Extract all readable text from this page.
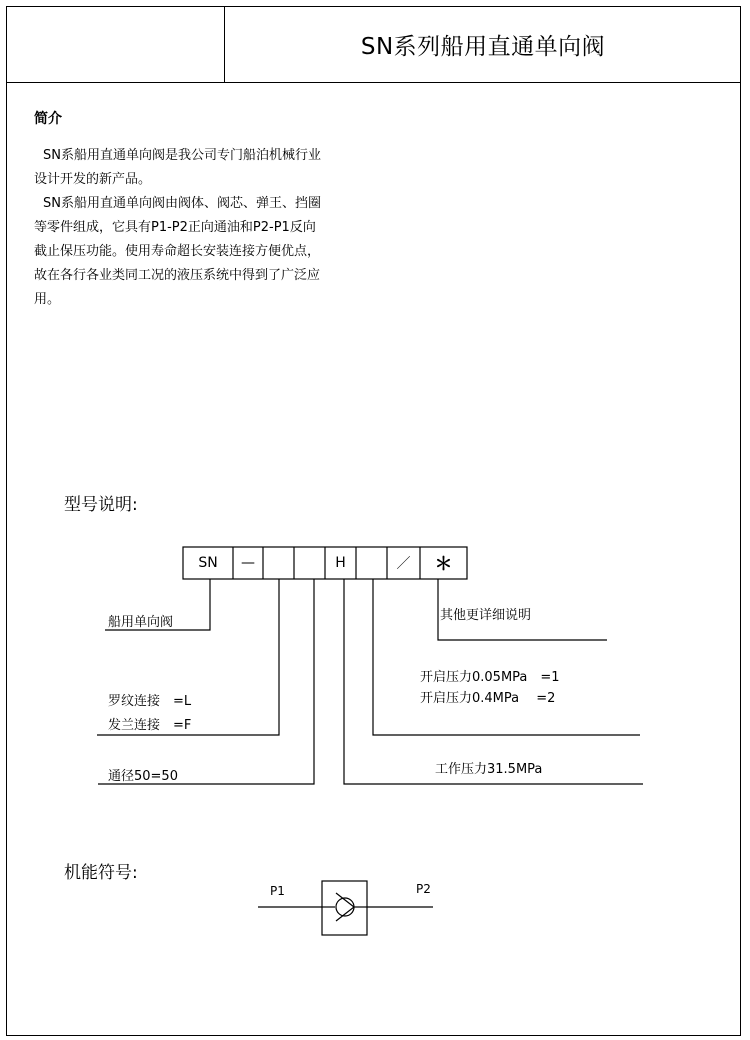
SN系列船用直通单向阀
简介

SN系船用直通单向阀是我公司专门船泊机械行业设计开发的新产品。

SN系船用直通单向阀由阀体、阀芯、弹王、挡圈等零件组成，它具有P1-P2正向通油和P2-P1反向截止保压功能。使用寿命超长安装连接方便优点，故在各行各业类同工况的液压系统中得到了广泛应用。

型号说明:
SN	—	H	／	＊
船用单向阀
罗纹连接　=L
发兰连接　=F
通径50=50
其他更详细说明
开启压力0.05MPa　=1
开启压力0.4MPa　 =2
工作压力31.5MPa
机能符号:
P1	P2
